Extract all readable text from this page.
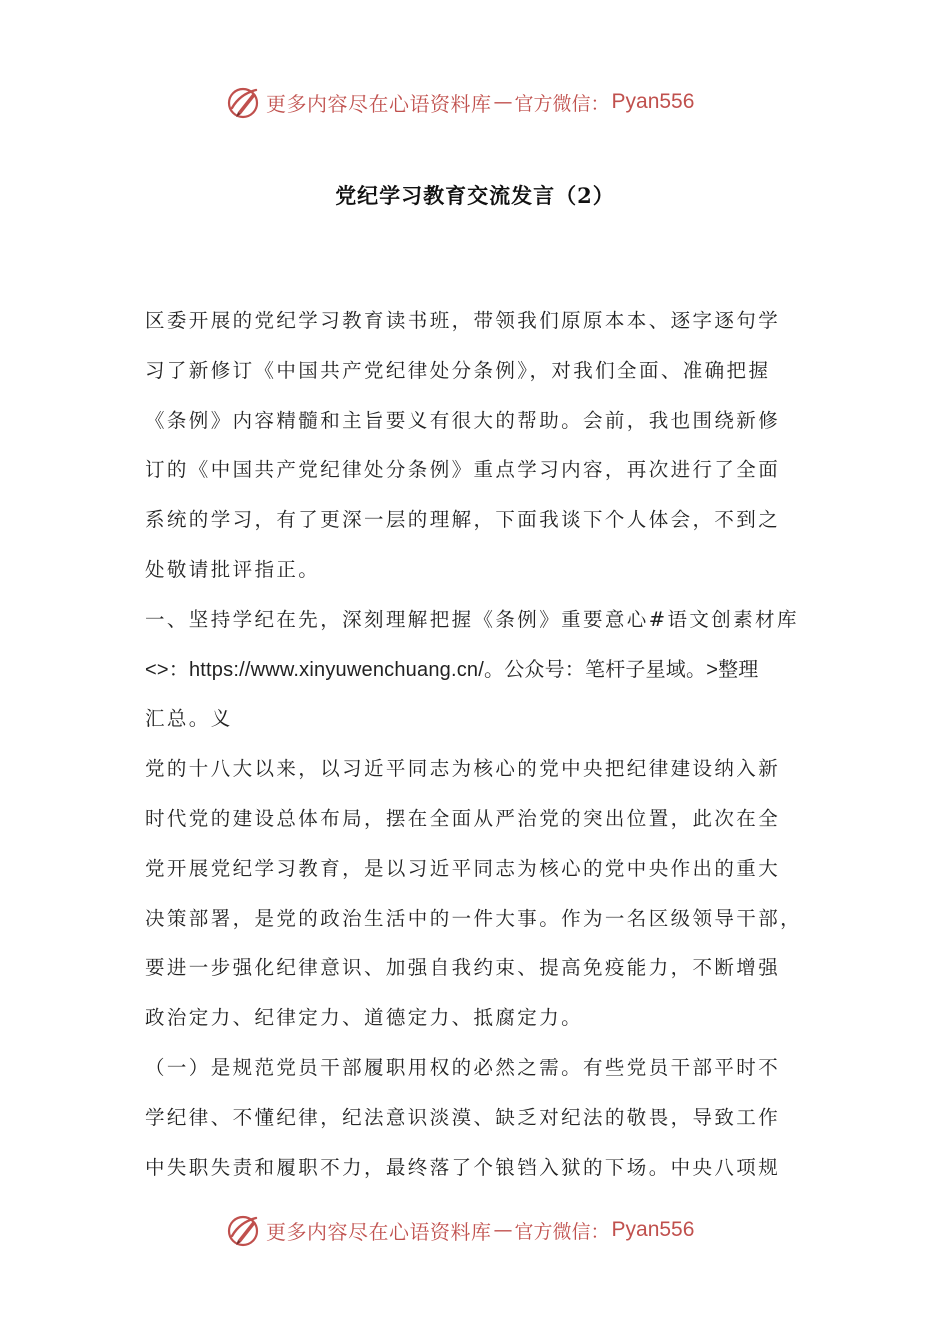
更多内容尽在心语资料库 — 官方微信： Pyan556
党纪学习教育交流发言（2）
区委开展的党纪学习教育读书班，带领我们原原本本、逐字逐句学
习了新修订《中国共产党纪律处分条例》，对我们全面、准确把握
《条例》内容精髓和主旨要义有很大的帮助。会前，我也围绕新修
订的《中国共产党纪律处分条例》重点学习内容，再次进行了全面
系统的学习，有了更深一层的理解，下面我谈下个人体会，不到之
处敬请批评指正。
一、坚持学纪在先，深刻理解把握《条例》重要意心#语文创素材库
<>：https://www.xinyuwenchuang.cn/。公众号：笔杆子星域。>整理
汇总。义
党的十八大以来，以习近平同志为核心的党中央把纪律建设纳入新
时代党的建设总体布局，摆在全面从严治党的突出位置，此次在全
党开展党纪学习教育，是以习近平同志为核心的党中央作出的重大
决策部署，是党的政治生活中的一件大事。作为一名区级领导干部，
要进一步强化纪律意识、加强自我约束、提高免疫能力，不断增强
政治定力、纪律定力、道德定力、抵腐定力。
（一）是规范党员干部履职用权的必然之需。有些党员干部平时不
学纪律、不懂纪律，纪法意识淡漠、缺乏对纪法的敬畏，导致工作
中失职失责和履职不力，最终落了个锒铛入狱的下场。中央八项规
更多内容尽在心语资料库 — 官方微信： Pyan556
